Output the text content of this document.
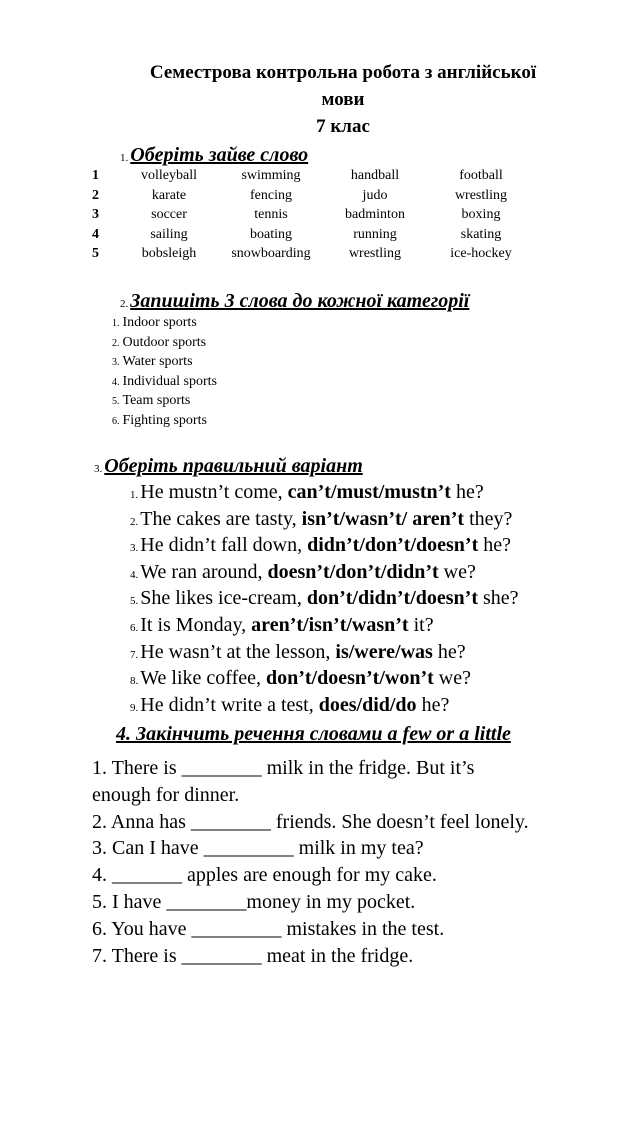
Семестрова контрольна робота з англійської
мови
7 клас
1. Оберіть зайве слово
1	volleyball	swimming	handball	football
2	karate	fencing	judo	wrestling
3	soccer	tennis	badminton	boxing
4	sailing	boating	running	skating
5	bobsleigh	snowboarding	wrestling	ice-hockey
2. Запишіть 3 слова до кожної категорії
1. Indoor sports
2. Outdoor sports
3. Water sports
4. Individual sports
5. Team sports
6. Fighting sports
3. Оберіть правильний варіант
1. He mustn’t come, can’t/must/mustn’t he?
2. The cakes are tasty, isn’t/wasn’t/ aren’t they?
3. He didn’t fall down, didn’t/don’t/doesn’t he?
4. We ran around, doesn’t/don’t/didn’t we?
5. She likes ice-cream, don’t/didn’t/doesn’t she?
6. It is Monday, aren’t/isn’t/wasn’t it?
7. He wasn’t at the lesson, is/were/was he?
8. We like coffee, don’t/doesn’t/won’t we?
9. He didn’t write a test, does/did/do he?
4. Закінчить речення словами a few or a little
1. There is ________ milk in the fridge. But it’s
enough for dinner.
2. Anna has ________ friends. She doesn’t feel lonely.
3. Can I have _________ milk in my tea?
4. _______ apples are enough for my cake.
5. I have ________money in my pocket.
6. You have _________ mistakes in the test.
7. There is ________ meat in the fridge.
